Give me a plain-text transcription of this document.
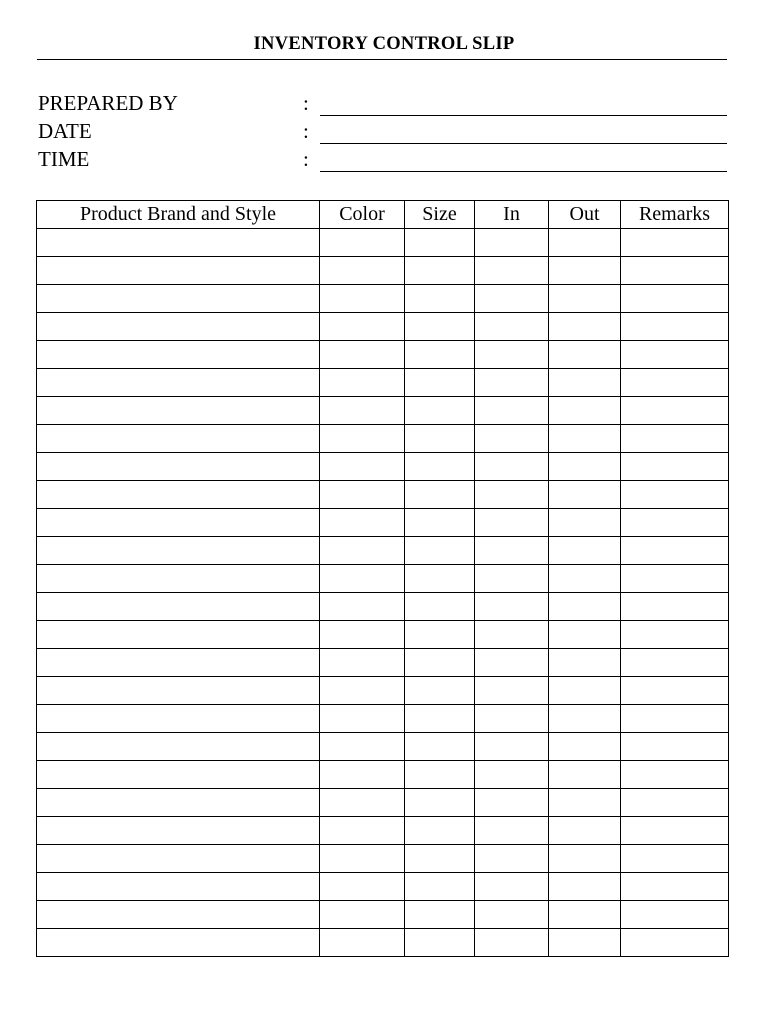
INVENTORY CONTROL SLIP
PREPARED BY	:
DATE	:
TIME	:
Product Brand and Style	Color	Size	In	Out	Remarks
